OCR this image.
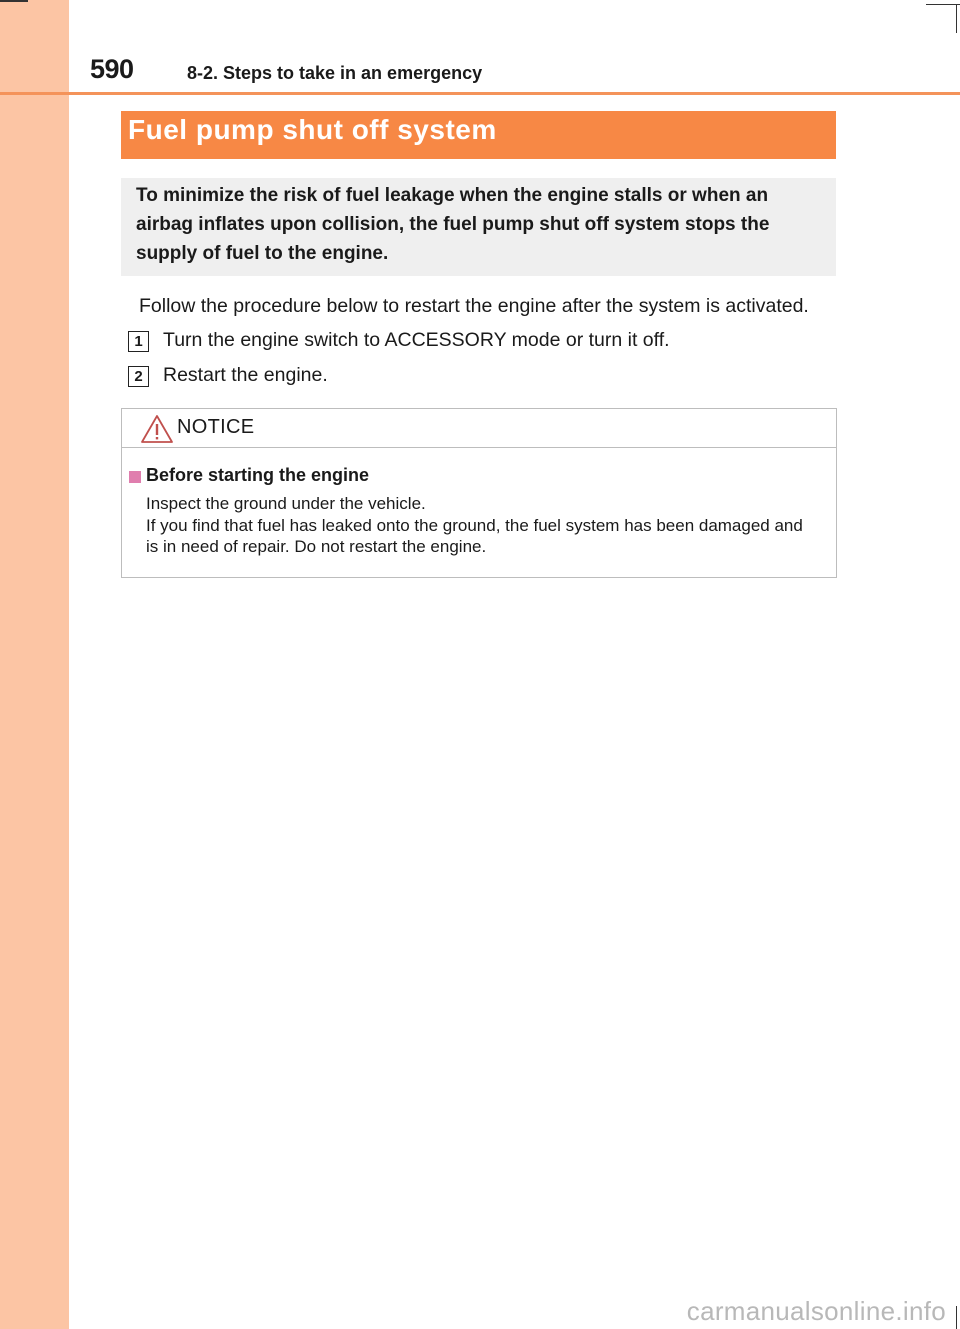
590	8-2. Steps to take in an emergency
Fuel pump shut off system
To minimize the risk of fuel leakage when the engine stalls or when an airbag inflates upon collision, the fuel pump shut off system stops the supply of fuel to the engine.
Follow the procedure below to restart the engine after the system is activated.
1	Turn the engine switch to ACCESSORY mode or turn it off.
2	Restart the engine.
NOTICE
Before starting the engine
Inspect the ground under the vehicle.
If you find that fuel has leaked onto the ground, the fuel system has been damaged and
is in need of repair. Do not restart the engine.
carmanualsonline.info
